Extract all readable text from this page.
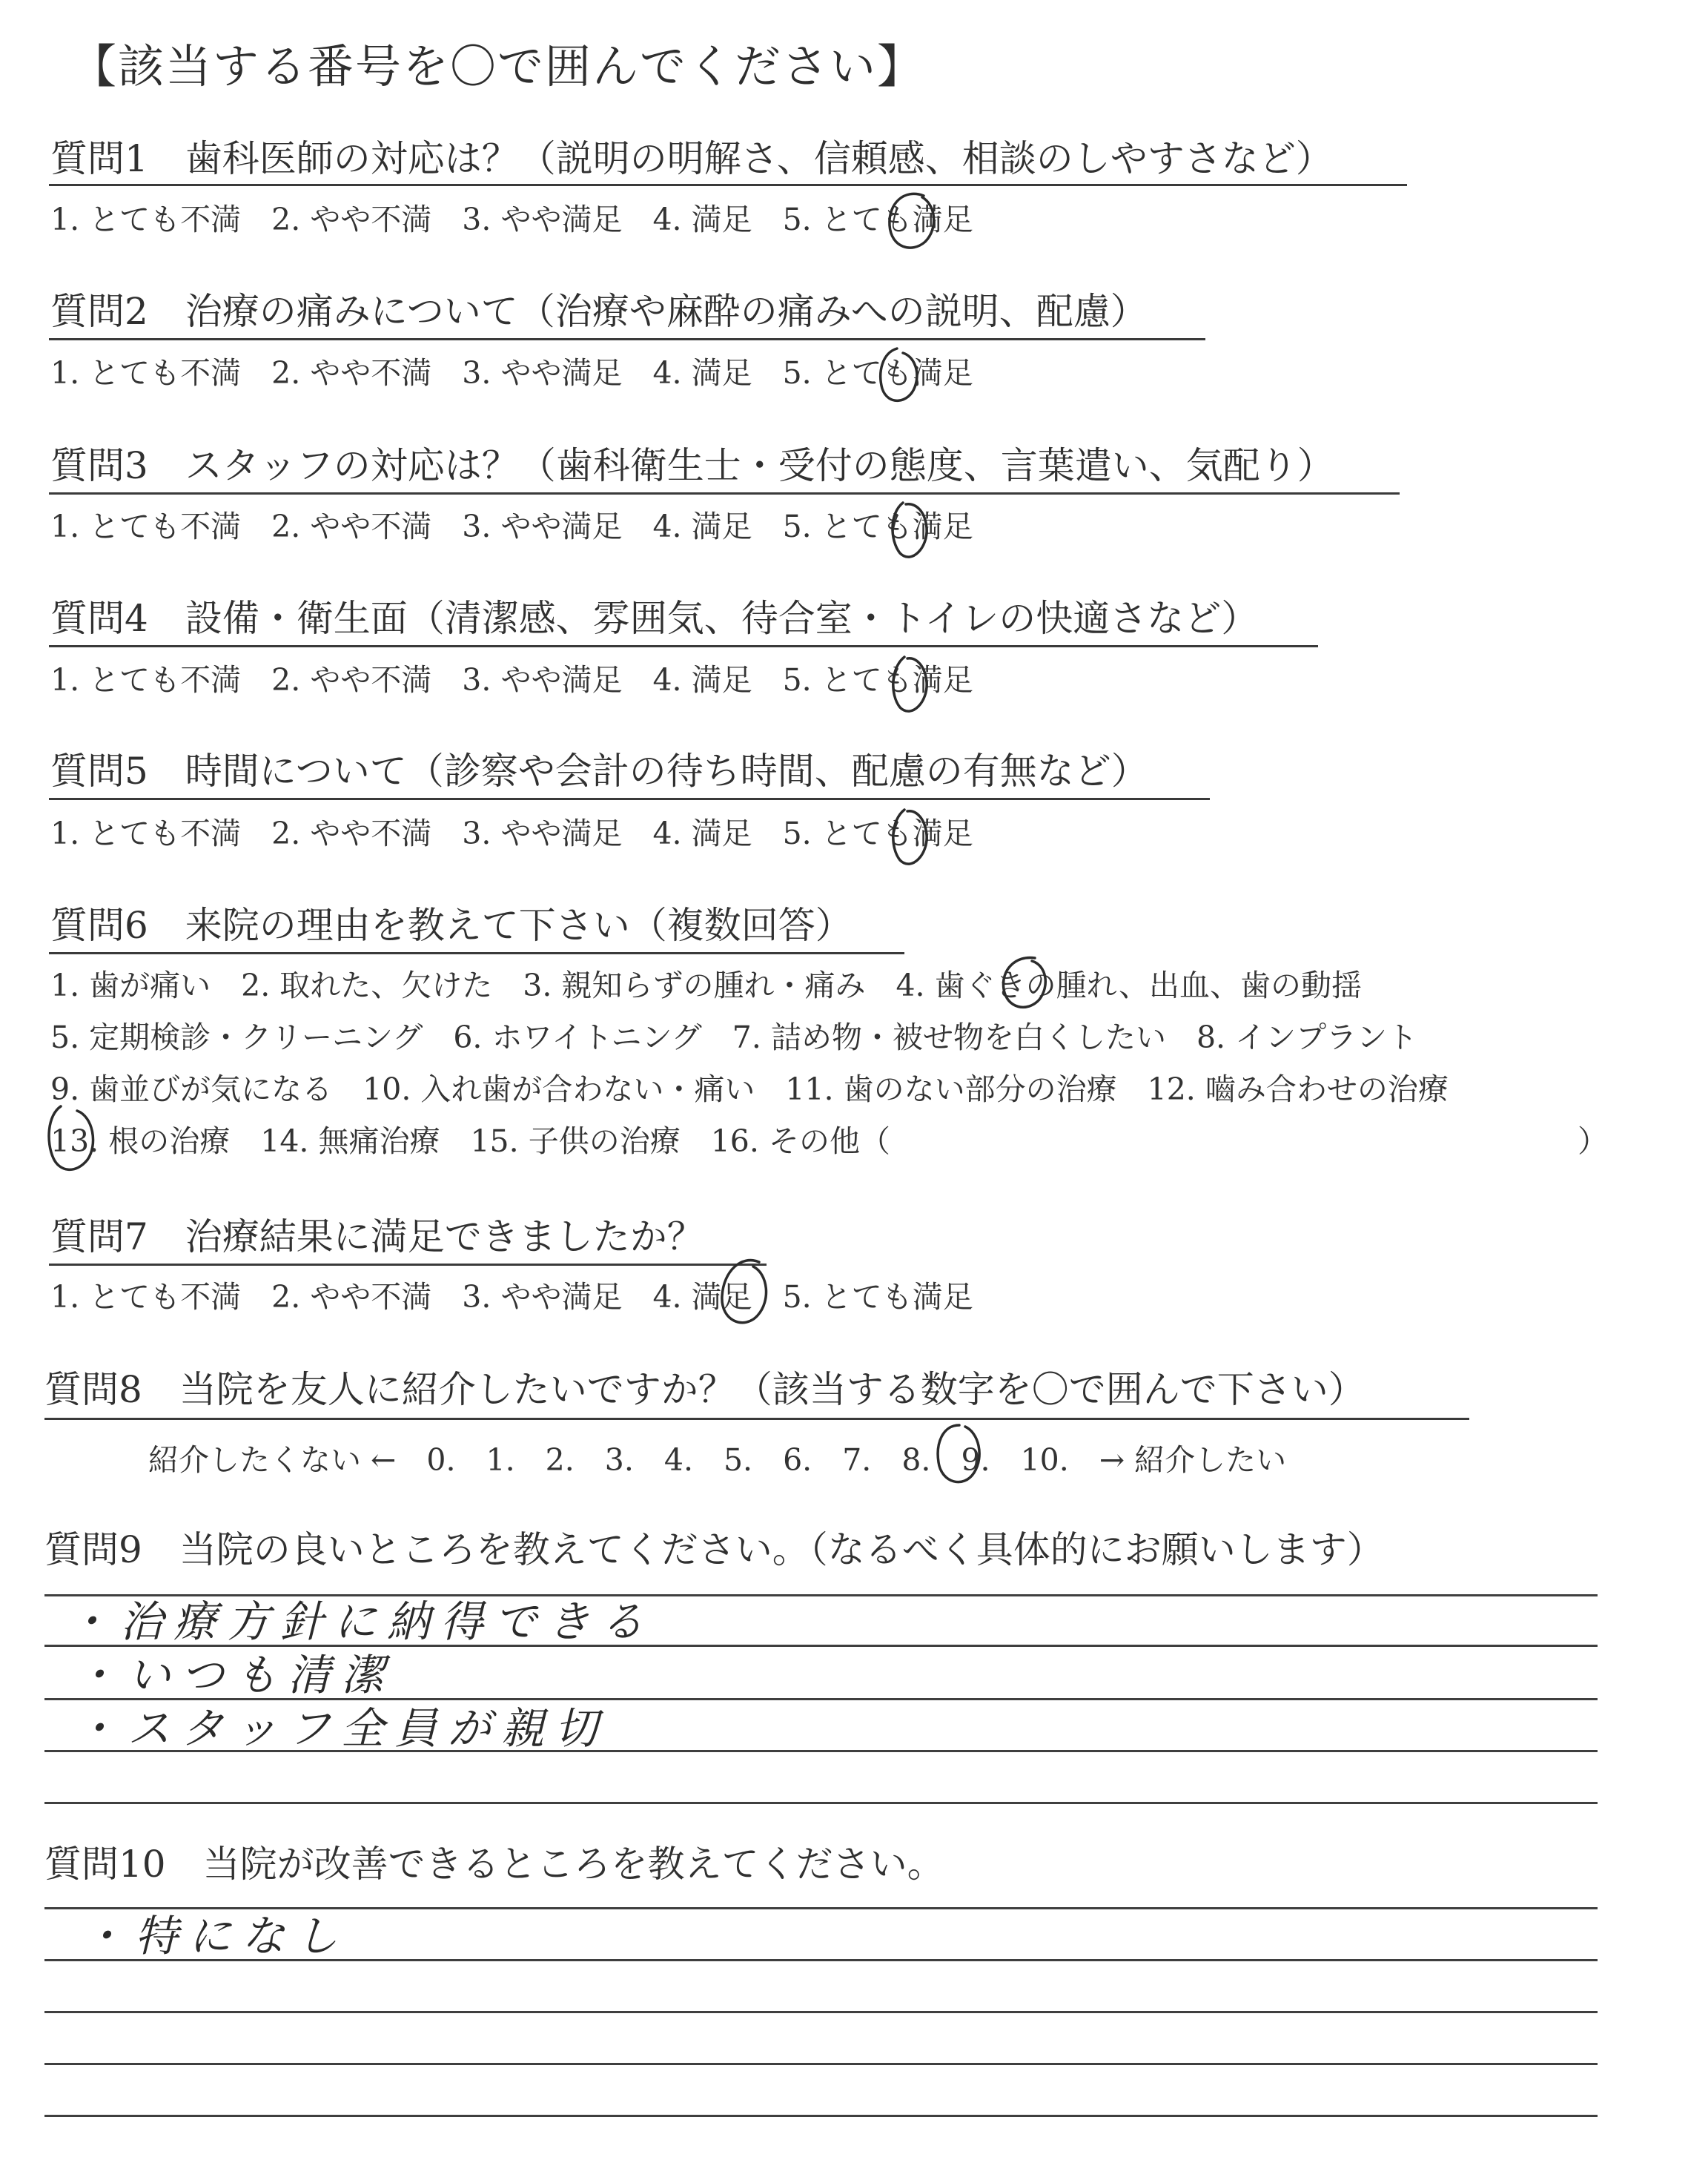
【該当する番号を〇で囲んでください】
質問1　歯科医師の対応は？（説明の明解さ、信頼感、相談のしやすさなど）
1. とても不満　2. やや不満　3. やや満足　4. 満足　5. とても満足
質問2　治療の痛みについて（治療や麻酔の痛みへの説明、配慮）
1. とても不満　2. やや不満　3. やや満足　4. 満足　5. とても満足
質問3　スタッフの対応は？（歯科衛生士・受付の態度、言葉遣い、気配り）
1. とても不満　2. やや不満　3. やや満足　4. 満足　5. とても満足
質問4　設備・衛生面（清潔感、雰囲気、待合室・トイレの快適さなど）
1. とても不満　2. やや不満　3. やや満足　4. 満足　5. とても満足
質問5　時間について（診察や会計の待ち時間、配慮の有無など）
1. とても不満　2. やや不満　3. やや満足　4. 満足　5. とても満足
質問6　来院の理由を教えて下さい（複数回答）
1. 歯が痛い　2. 取れた、欠けた　3. 親知らずの腫れ・痛み　4. 歯ぐきの腫れ、出血、歯の動揺
5. 定期検診・クリーニング　6. ホワイトニング　7. 詰め物・被せ物を白くしたい　8. インプラント
9. 歯並びが気になる　10. 入れ歯が合わない・痛い　11. 歯のない部分の治療　12. 嚙み合わせの治療
13. 根の治療　14. 無痛治療　15. 子供の治療　16. その他（	）
質問7　治療結果に満足できましたか？
1. とても不満　2. やや不満　3. やや満足　4. 満足　5. とても満足
質問8　当院を友人に紹介したいですか？（該当する数字を〇で囲んで下さい）
紹介したくない ←　0.　1.　2.　3.　4.　5.　6.　7.　8.　9.　10.　→ 紹介したい
質問9　当院の良いところを教えてください。（なるべく具体的にお願いします）
・治療方針に納得できる
・いつも清潔
・スタッフ全員が親切
質問10　当院が改善できるところを教えてください。
・特になし
